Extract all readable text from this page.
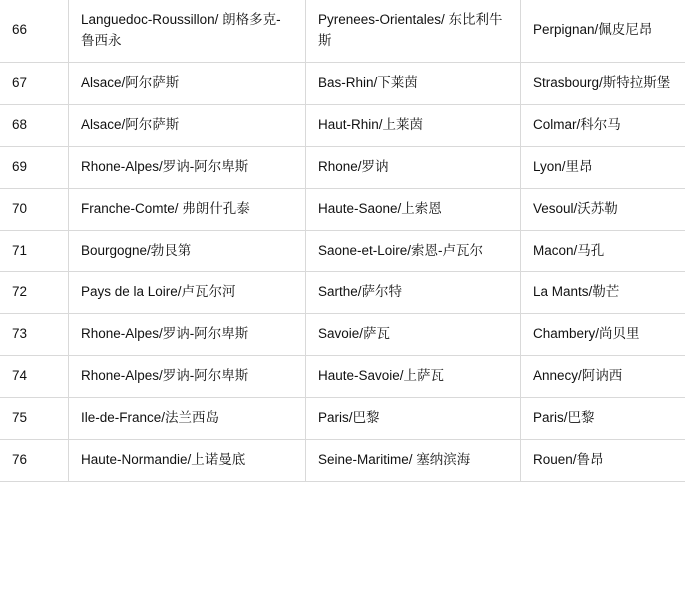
66	Languedoc-Roussillon/ 朗格多克-鲁西永	Pyrenees-Orientales/ 东比利牛斯	Perpignan/佩皮尼昂
67	Alsace/阿尔萨斯	Bas-Rhin/下莱茵	Strasbourg/斯特拉斯堡
68	Alsace/阿尔萨斯	Haut-Rhin/上莱茵	Colmar/科尔马
69	Rhone-Alpes/罗讷-阿尔卑斯	Rhone/罗讷	Lyon/里昂
70	Franche-Comte/ 弗朗什孔泰	Haute-Saone/上索恩	Vesoul/沃苏勒
71	Bourgogne/勃艮第	Saone-et-Loire/索恩-卢瓦尔	Macon/马孔
72	Pays de la Loire/卢瓦尔河	Sarthe/萨尔特	La Mants/勒芒
73	Rhone-Alpes/罗讷-阿尔卑斯	Savoie/萨瓦	Chambery/尚贝里
74	Rhone-Alpes/罗讷-阿尔卑斯	Haute-Savoie/上萨瓦	Annecy/阿讷西
75	Ile-de-France/法兰西岛	Paris/巴黎	Paris/巴黎
76	Haute-Normandie/上诺曼底	Seine-Maritime/ 塞纳滨海	Rouen/鲁昂
